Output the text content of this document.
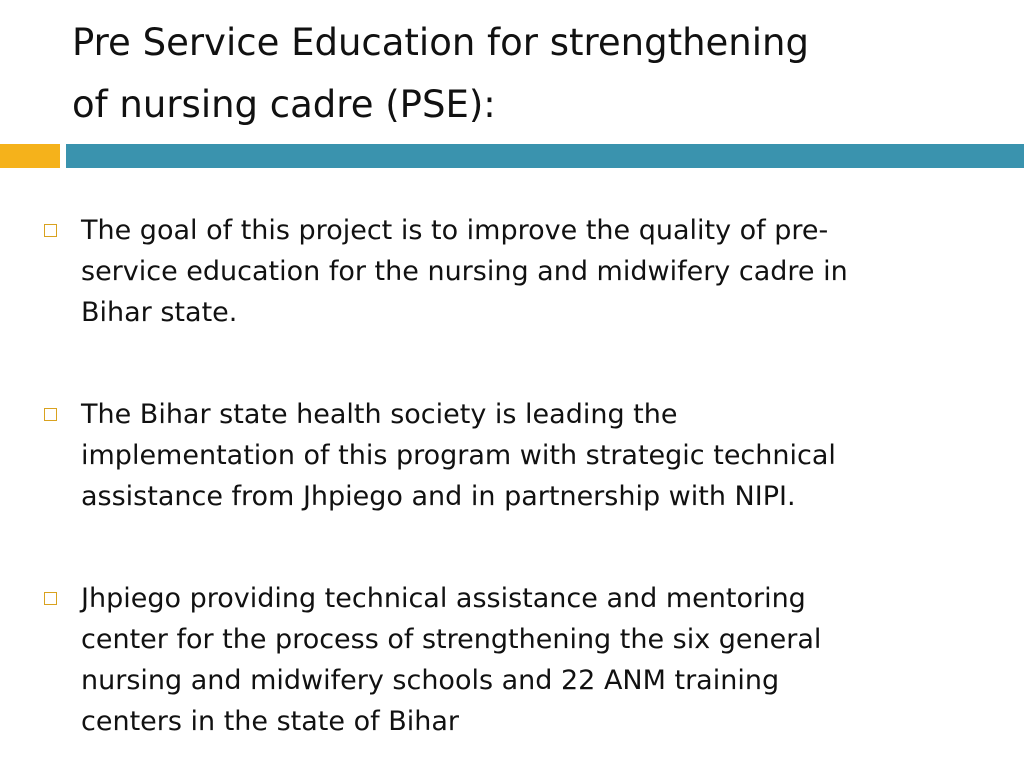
Pre Service Education for strengthening
of nursing cadre (PSE):
The goal of this project is to improve the quality of pre-
service education for the nursing and midwifery cadre in
Bihar state.
The Bihar state health society is leading the
implementation of this program with strategic technical
assistance from Jhpiego and in partnership with NIPI.
Jhpiego providing technical assistance and mentoring
center for the process of strengthening the six general
nursing and midwifery schools and 22 ANM training
centers in the state of Bihar
